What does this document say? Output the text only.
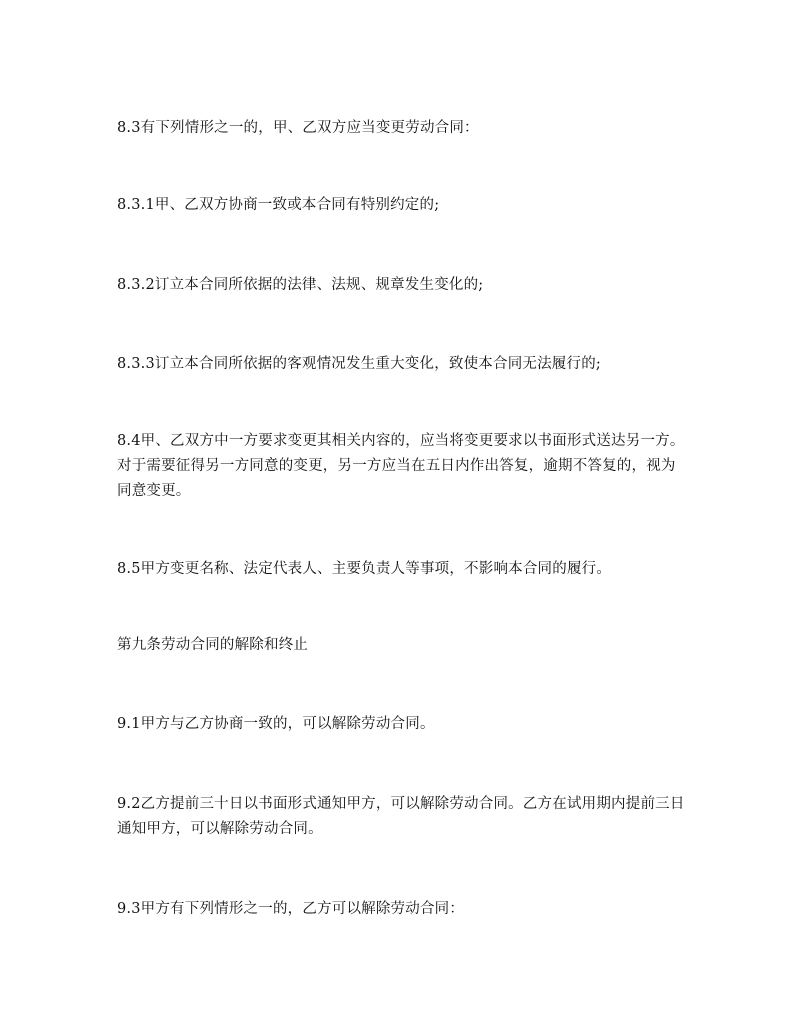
8.3有下列情形之一的，甲、乙双方应当变更劳动合同：

8.3.1甲、乙双方协商一致或本合同有特别约定的;

8.3.2订立本合同所依据的法律、法规、规章发生变化的;

8.3.3订立本合同所依据的客观情况发生重大变化，致使本合同无法履行的;

8.4甲、乙双方中一方要求变更其相关内容的，应当将变更要求以书面形式送达另一方。对于需要征得另一方同意的变更，另一方应当在五日内作出答复，逾期不答复的，视为同意变更。

8.5甲方变更名称、法定代表人、主要负责人等事项，不影响本合同的履行。

第九条劳动合同的解除和终止

9.1甲方与乙方协商一致的，可以解除劳动合同。

9.2乙方提前三十日以书面形式通知甲方，可以解除劳动合同。乙方在试用期内提前三日通知甲方，可以解除劳动合同。

9.3甲方有下列情形之一的，乙方可以解除劳动合同：
